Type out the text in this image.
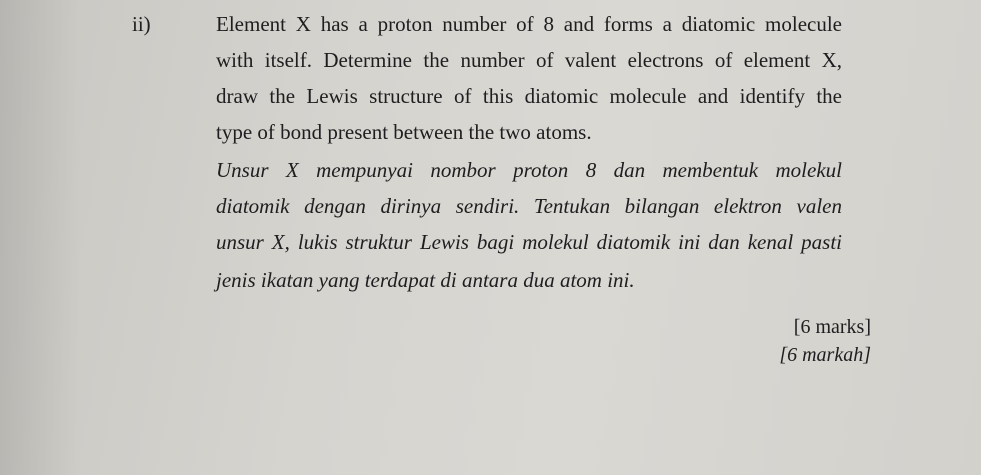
ii)	Element X has a proton number of 8 and forms a diatomic molecule
with itself. Determine the number of valent electrons of element X,
draw the Lewis structure of this diatomic molecule and identify the
type of bond present between the two atoms.
Unsur X mempunyai nombor proton 8 dan membentuk molekul
diatomik dengan dirinya sendiri. Tentukan bilangan elektron valen
unsur X, lukis struktur Lewis bagi molekul diatomik ini dan kenal pasti
jenis ikatan yang terdapat di antara dua atom ini.
[6 marks]
[6 markah]
